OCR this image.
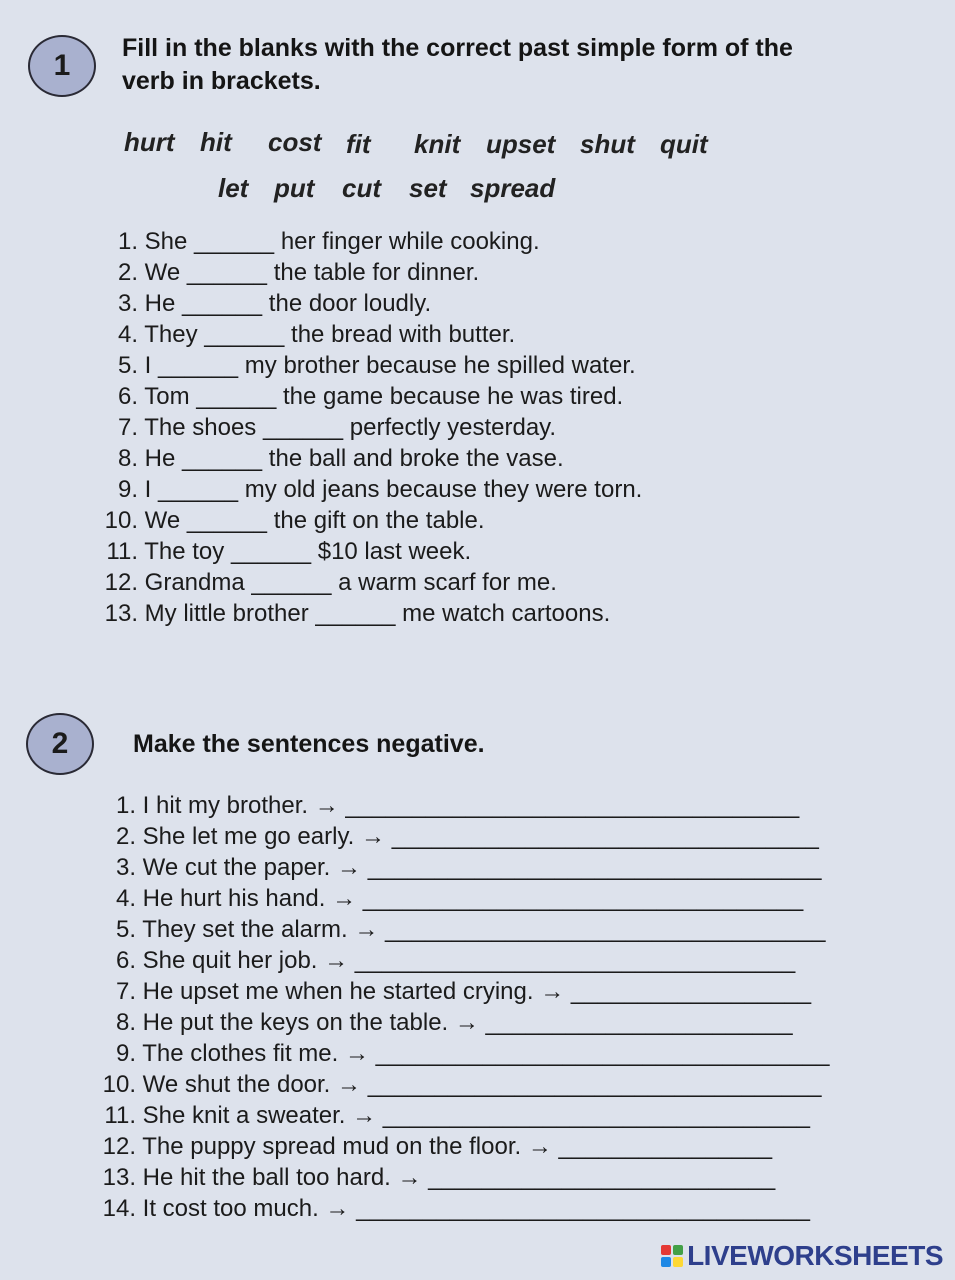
1
Fill in the blanks with the correct past simple form of the
verb in brackets.
hurt hit cost fit knit upset shut quit
let put cut set spread
1. She ______ her finger while cooking.
2. We ______ the table for dinner.
3. He ______ the door loudly.
4. They ______ the bread with butter.
5. I ______ my brother because he spilled water.
6. Tom ______ the game because he was tired.
7. The shoes ______ perfectly yesterday.
8. He ______ the ball and broke the vase.
9. I ______ my old jeans because they were torn.
10. We ______ the gift on the table.
11. The toy ______ $10 last week.
12. Grandma ______ a warm scarf for me.
13. My little brother ______ me watch cartoons.
2	Make the sentences negative.
1. I hit my brother. → __________________________________
2. She let me go early. → ________________________________
3. We cut the paper. → __________________________________
4. He hurt his hand. → _________________________________
5. They set the alarm. → _________________________________
6. She quit her job. → _________________________________
7. He upset me when he started crying. → __________________
8. He put the keys on the table. → _______________________
9. The clothes fit me. → __________________________________
10. We shut the door. → __________________________________
11. She knit a sweater. → ________________________________
12. The puppy spread mud on the floor. → ________________
13. He hit the ball too hard. → __________________________
14. It cost too much. → __________________________________
LIVEWORKSHEETS
